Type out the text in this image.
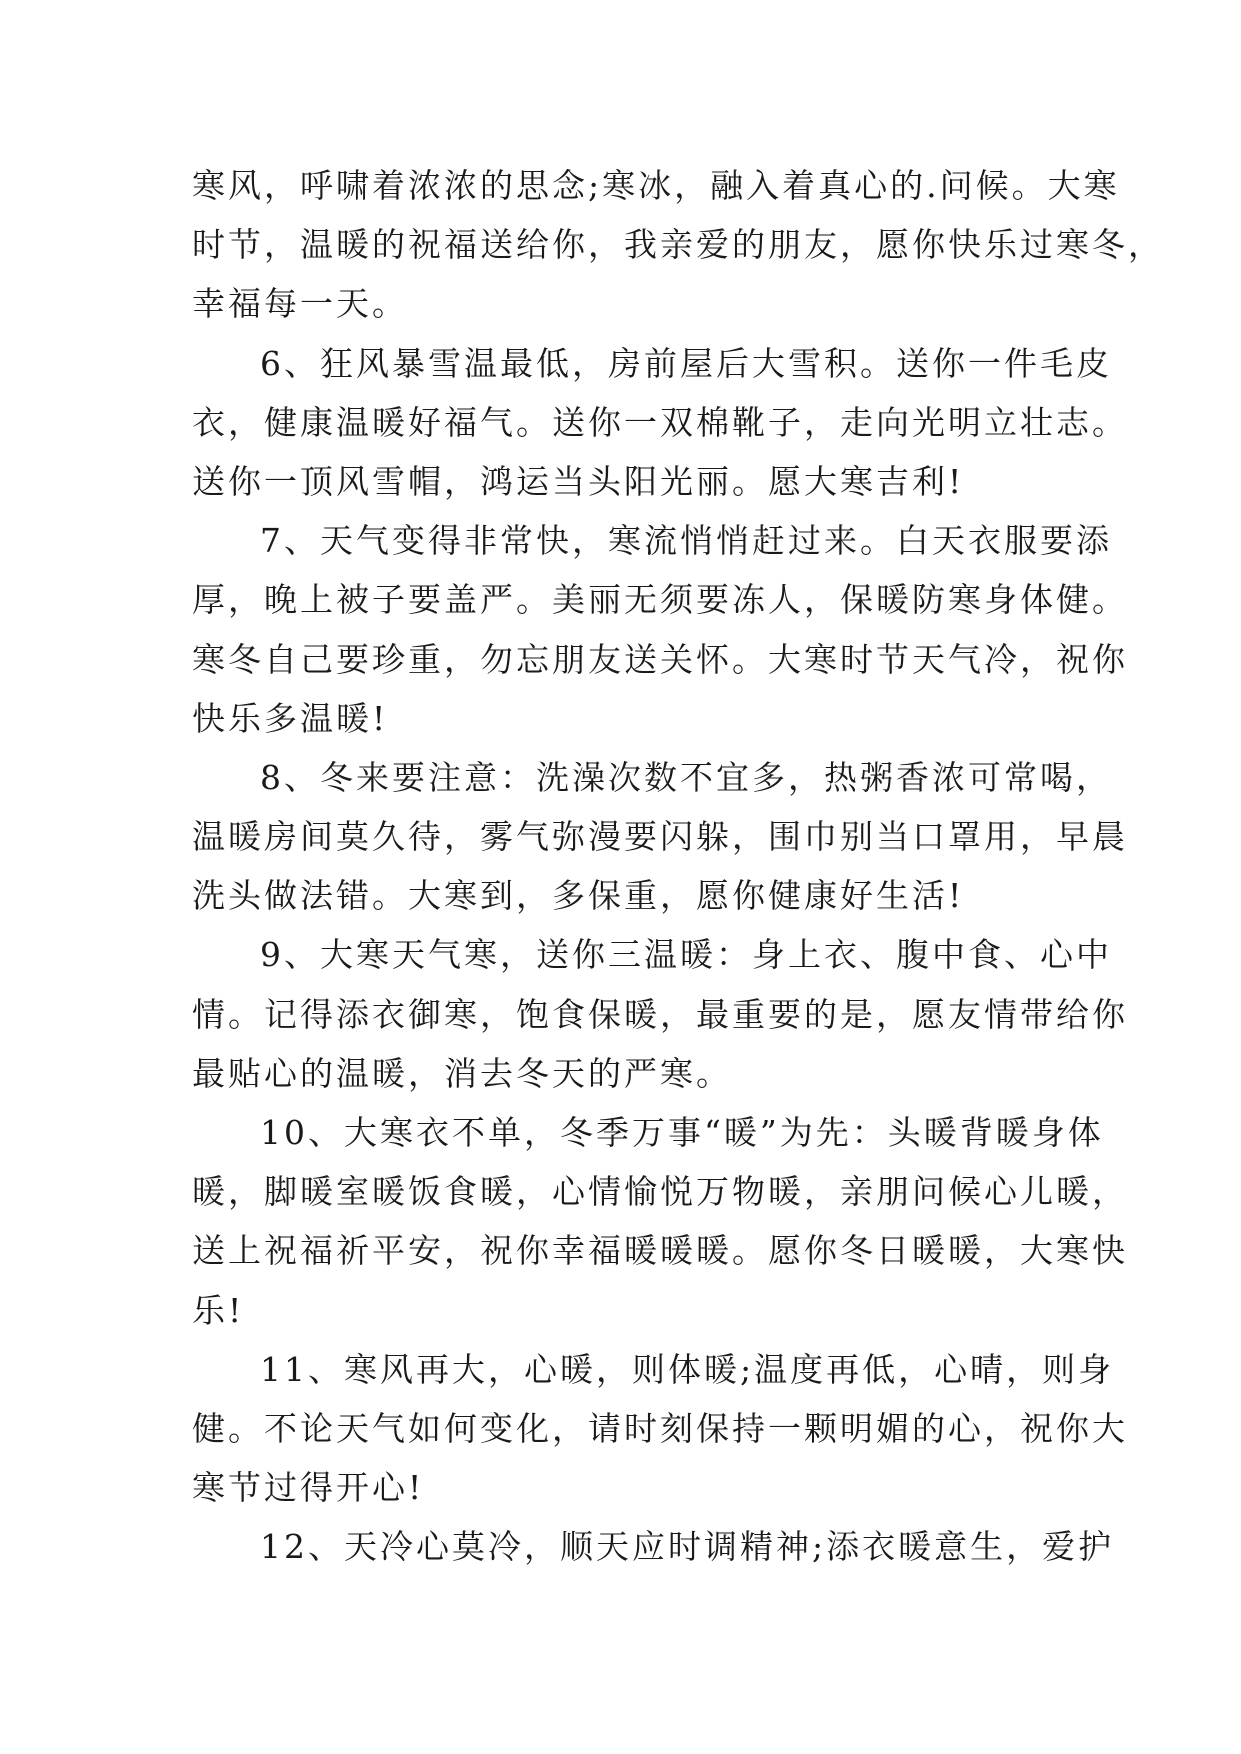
寒风，呼啸着浓浓的思念;寒冰，融入着真心的.问候。大寒
时节，温暖的祝福送给你，我亲爱的朋友，愿你快乐过寒冬，
幸福每一天。
6、狂风暴雪温最低，房前屋后大雪积。送你一件毛皮
衣，健康温暖好福气。送你一双棉靴子，走向光明立壮志。
送你一顶风雪帽，鸿运当头阳光丽。愿大寒吉利!
7、天气变得非常快，寒流悄悄赶过来。白天衣服要添
厚，晚上被子要盖严。美丽无须要冻人，保暖防寒身体健。
寒冬自己要珍重，勿忘朋友送关怀。大寒时节天气冷，祝你
快乐多温暖!
8、冬来要注意：洗澡次数不宜多，热粥香浓可常喝，
温暖房间莫久待，雾气弥漫要闪躲，围巾别当口罩用，早晨
洗头做法错。大寒到，多保重，愿你健康好生活!
9、大寒天气寒，送你三温暖：身上衣、腹中食、心中
情。记得添衣御寒，饱食保暖，最重要的是，愿友情带给你
最贴心的温暖，消去冬天的严寒。
10、大寒衣不单，冬季万事“暖”为先：头暖背暖身体
暖，脚暖室暖饭食暖，心情愉悦万物暖，亲朋问候心儿暖，
送上祝福祈平安，祝你幸福暖暖暖。愿你冬日暖暖，大寒快
乐!
11、寒风再大，心暖，则体暖;温度再低，心晴，则身
健。不论天气如何变化，请时刻保持一颗明媚的心，祝你大
寒节过得开心!
12、天冷心莫冷，顺天应时调精神;添衣暖意生，爱护
